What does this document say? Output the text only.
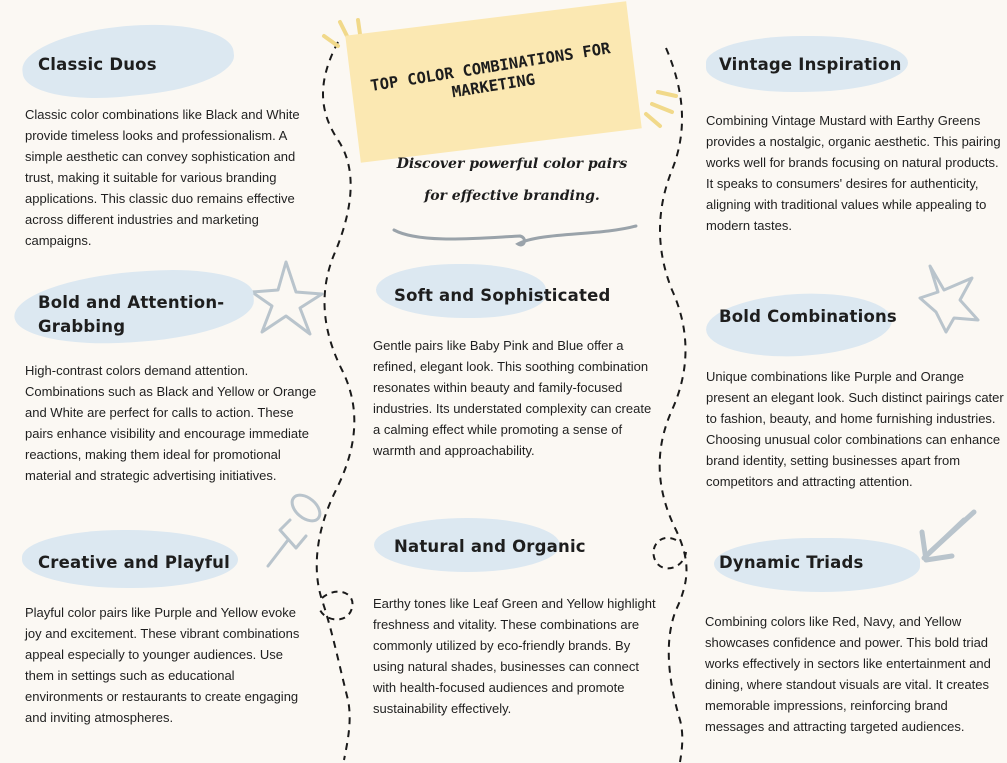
TOP COLOR COMBINATIONS FOR MARKETING
Discover powerful color pairs for effective branding.
Classic Duos

Classic color combinations like Black and White provide timeless looks and professionalism. A simple aesthetic can convey sophistication and trust, making it suitable for various branding applications. This classic duo remains effective across different industries and marketing campaigns.

Bold and Attention-Grabbing

High-contrast colors demand attention. Combinations such as Black and Yellow or Orange and White are perfect for calls to action. These pairs enhance visibility and encourage immediate reactions, making them ideal for promotional material and strategic advertising initiatives.

Creative and Playful

Playful color pairs like Purple and Yellow evoke joy and excitement. These vibrant combinations appeal especially to younger audiences. Use them in settings such as educational environments or restaurants to create engaging and inviting atmospheres.

Soft and Sophisticated

Gentle pairs like Baby Pink and Blue offer a refined, elegant look. This soothing combination resonates within beauty and family-focused industries. Its understated complexity can create a calming effect while promoting a sense of warmth and approachability.

Natural and Organic

Earthy tones like Leaf Green and Yellow highlight freshness and vitality. These combinations are commonly utilized by eco-friendly brands. By using natural shades, businesses can connect with health-focused audiences and promote sustainability effectively.

Vintage Inspiration

Combining Vintage Mustard with Earthy Greens provides a nostalgic, organic aesthetic. This pairing works well for brands focusing on natural products. It speaks to consumers' desires for authenticity, aligning with traditional values while appealing to modern tastes.

Bold Combinations

Unique combinations like Purple and Orange present an elegant look. Such distinct pairings cater to fashion, beauty, and home furnishing industries. Choosing unusual color combinations can enhance brand identity, setting businesses apart from competitors and attracting attention.

Dynamic Triads

Combining colors like Red, Navy, and Yellow showcases confidence and power. This bold triad works effectively in sectors like entertainment and dining, where standout visuals are vital. It creates memorable impressions, reinforcing brand messages and attracting targeted audiences.
